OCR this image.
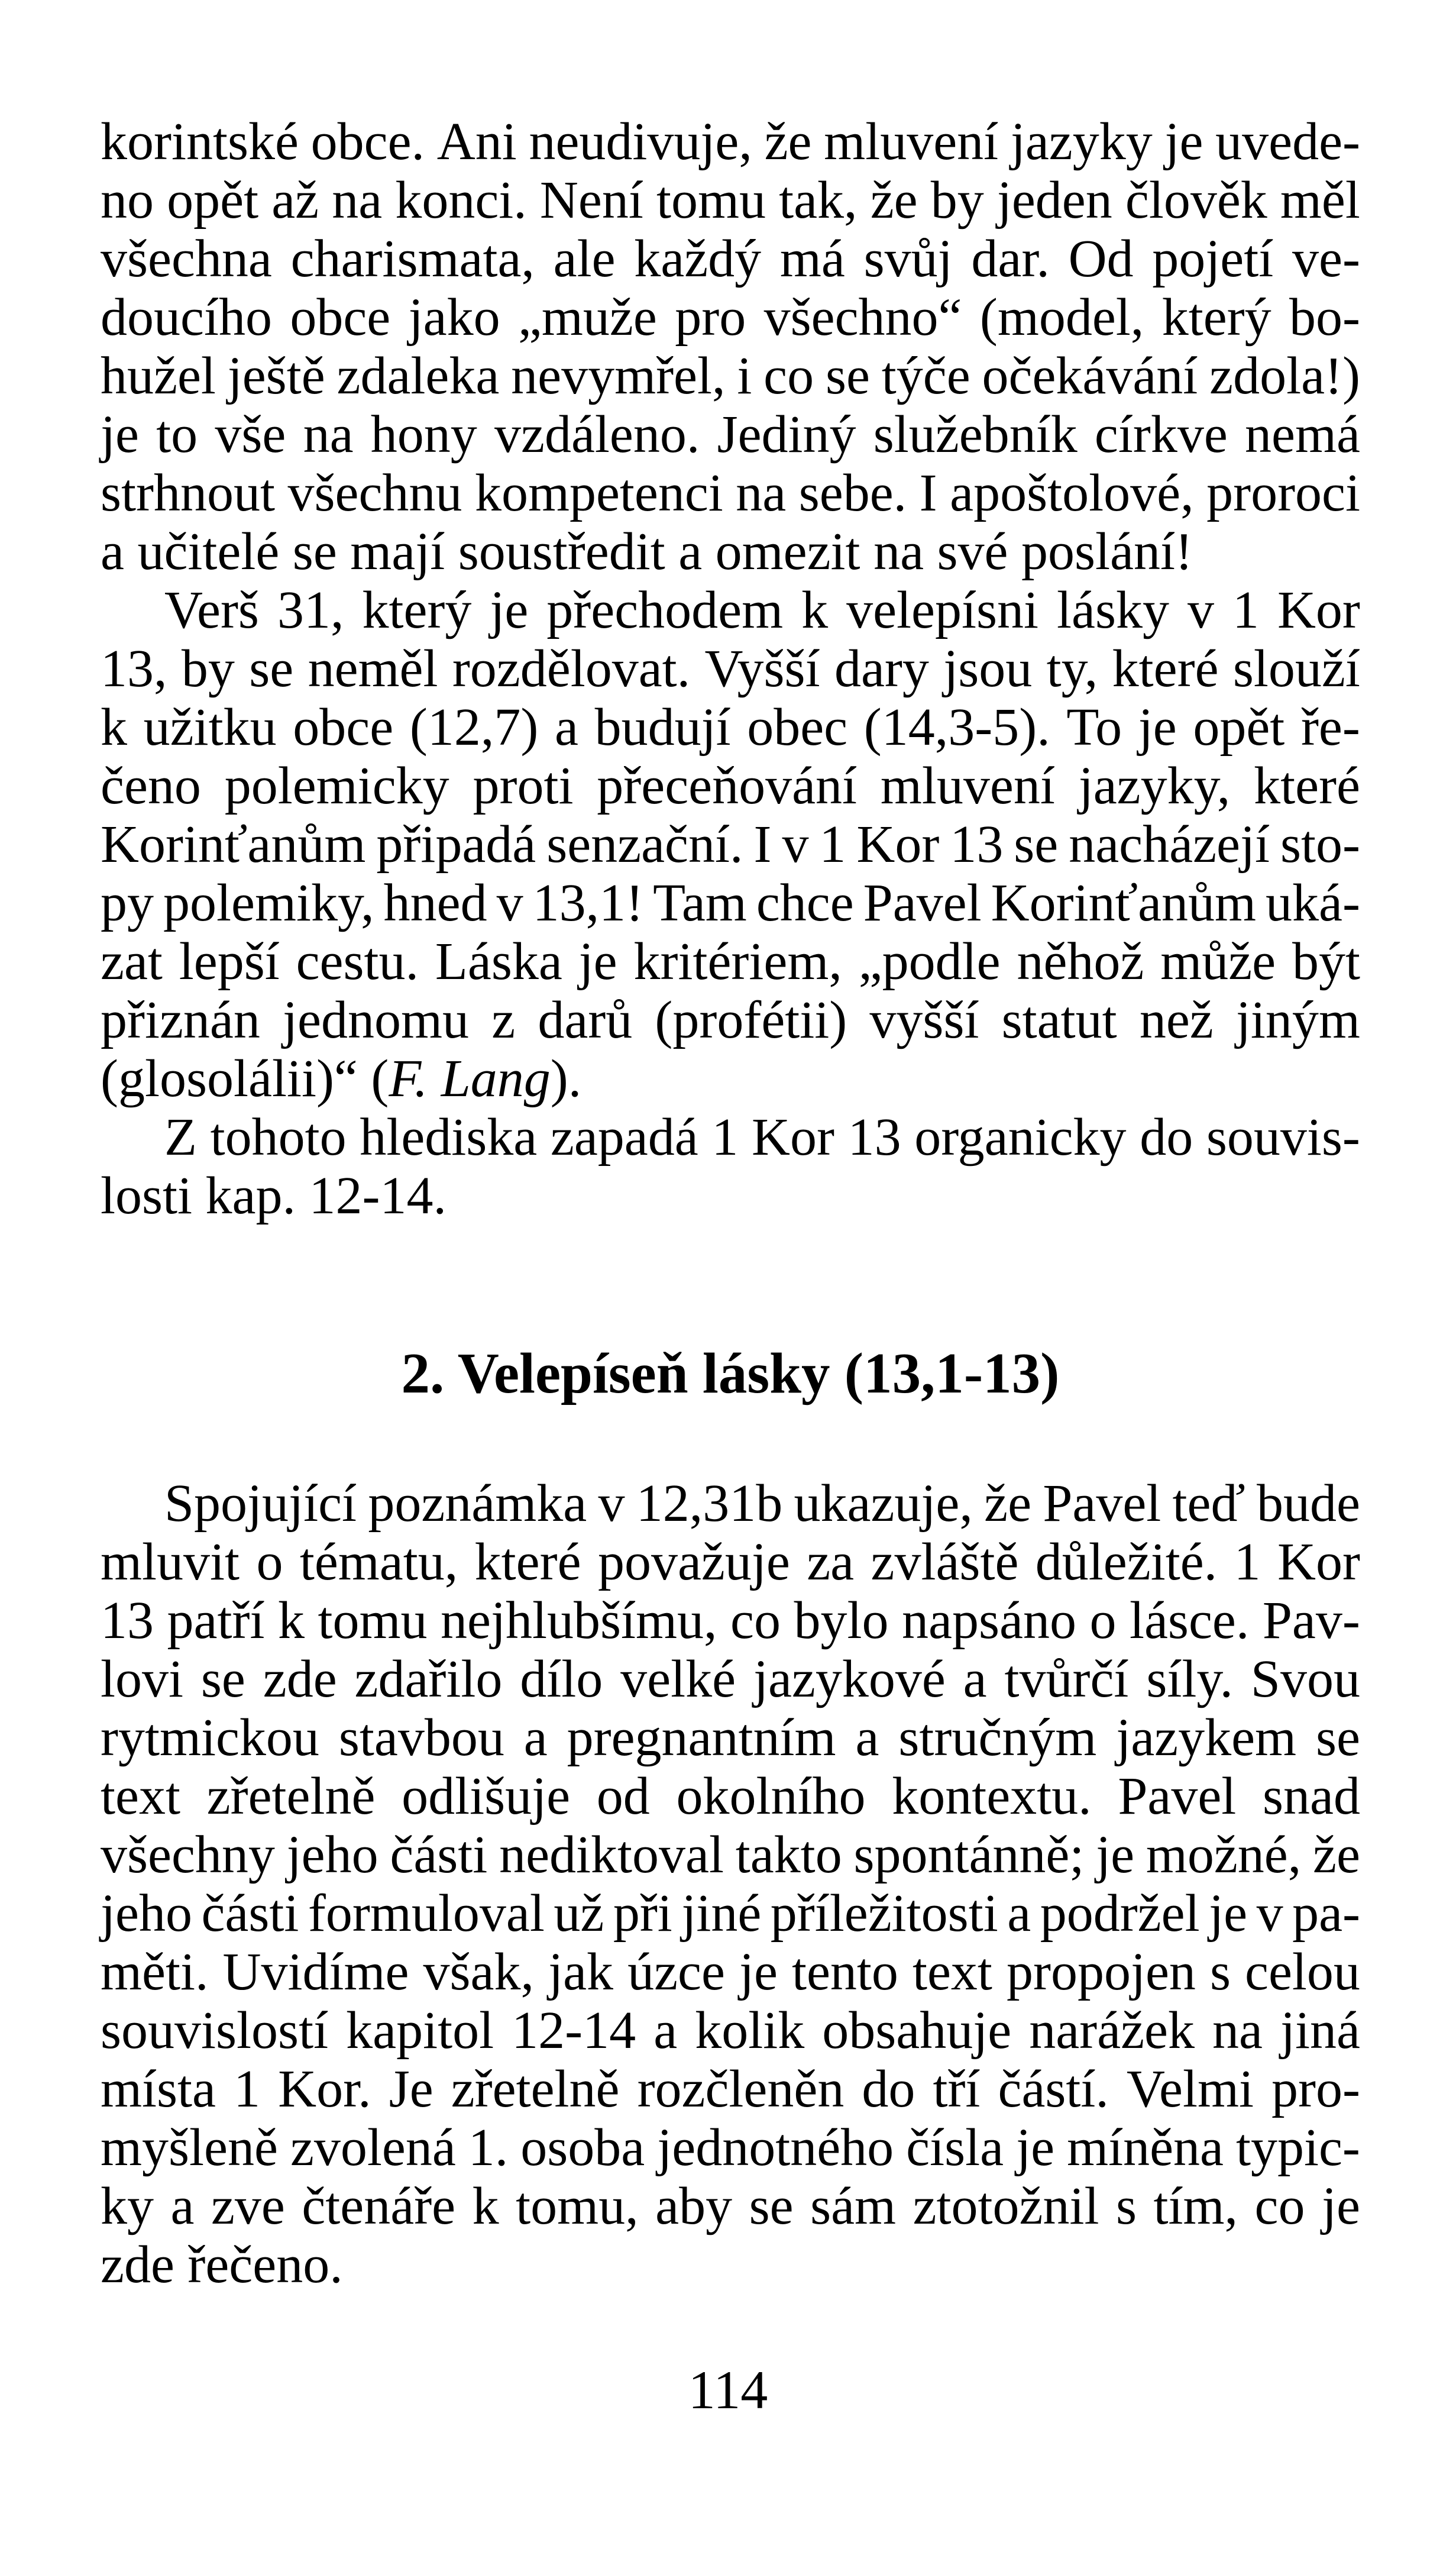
korintské obce. Ani neudivuje, že mluvení jazyky je uvede-
no opět až na konci. Není tomu tak, že by jeden člověk měl
všechna charismata, ale každý má svůj dar. Od pojetí ve-
doucího obce jako „muže pro všechno“ (model, který bo-
hužel ještě zdaleka nevymřel, i co se týče očekávání zdola!)
je to vše na hony vzdáleno. Jediný služebník církve nemá
strhnout všechnu kompetenci na sebe. I apoštolové, proroci
a učitelé se mají soustředit a omezit na své poslání!
Verš 31, který je přechodem k velepísni lásky v 1 Kor
13, by se neměl rozdělovat. Vyšší dary jsou ty, které slouží
k užitku obce (12,7) a budují obec (14,3-5). To je opět ře-
čeno polemicky proti přeceňování mluvení jazyky, které
Korinťanům připadá senzační. I v 1 Kor 13 se nacházejí sto-
py polemiky, hned v 13,1! Tam chce Pavel Korinťanům uká-
zat lepší cestu. Láska je kritériem, „podle něhož může být
přiznán jednomu z darů (profétii) vyšší statut než jiným
(glosolálii)“ ( F. Lang ).
Z tohoto hlediska zapadá 1 Kor 13 organicky do souvis-
losti kap. 12-14.
2. Velepíseň lásky (13,1-13)
Spojující poznámka v 12,31b ukazuje, že Pavel teď bude
mluvit o tématu, které považuje za zvláště důležité. 1 Kor
13 patří k tomu nejhlubšímu, co bylo napsáno o lásce. Pav-
lovi se zde zdařilo dílo velké jazykové a tvůrčí síly. Svou
rytmickou stavbou a pregnantním a stručným jazykem se
text zřetelně odlišuje od okolního kontextu. Pavel snad
všechny jeho části nediktoval takto spontánně; je možné, že
jeho části formuloval už při jiné příležitosti a podržel je v pa-
měti. Uvidíme však, jak úzce je tento text propojen s celou
souvislostí kapitol 12-14 a kolik obsahuje narážek na jiná
místa 1 Kor. Je zřetelně rozčleněn do tří částí. Velmi pro-
myšleně zvolená 1. osoba jednotného čísla je míněna typic-
ky a zve čtenáře k tomu, aby se sám ztotožnil s tím, co je
zde řečeno.
114
